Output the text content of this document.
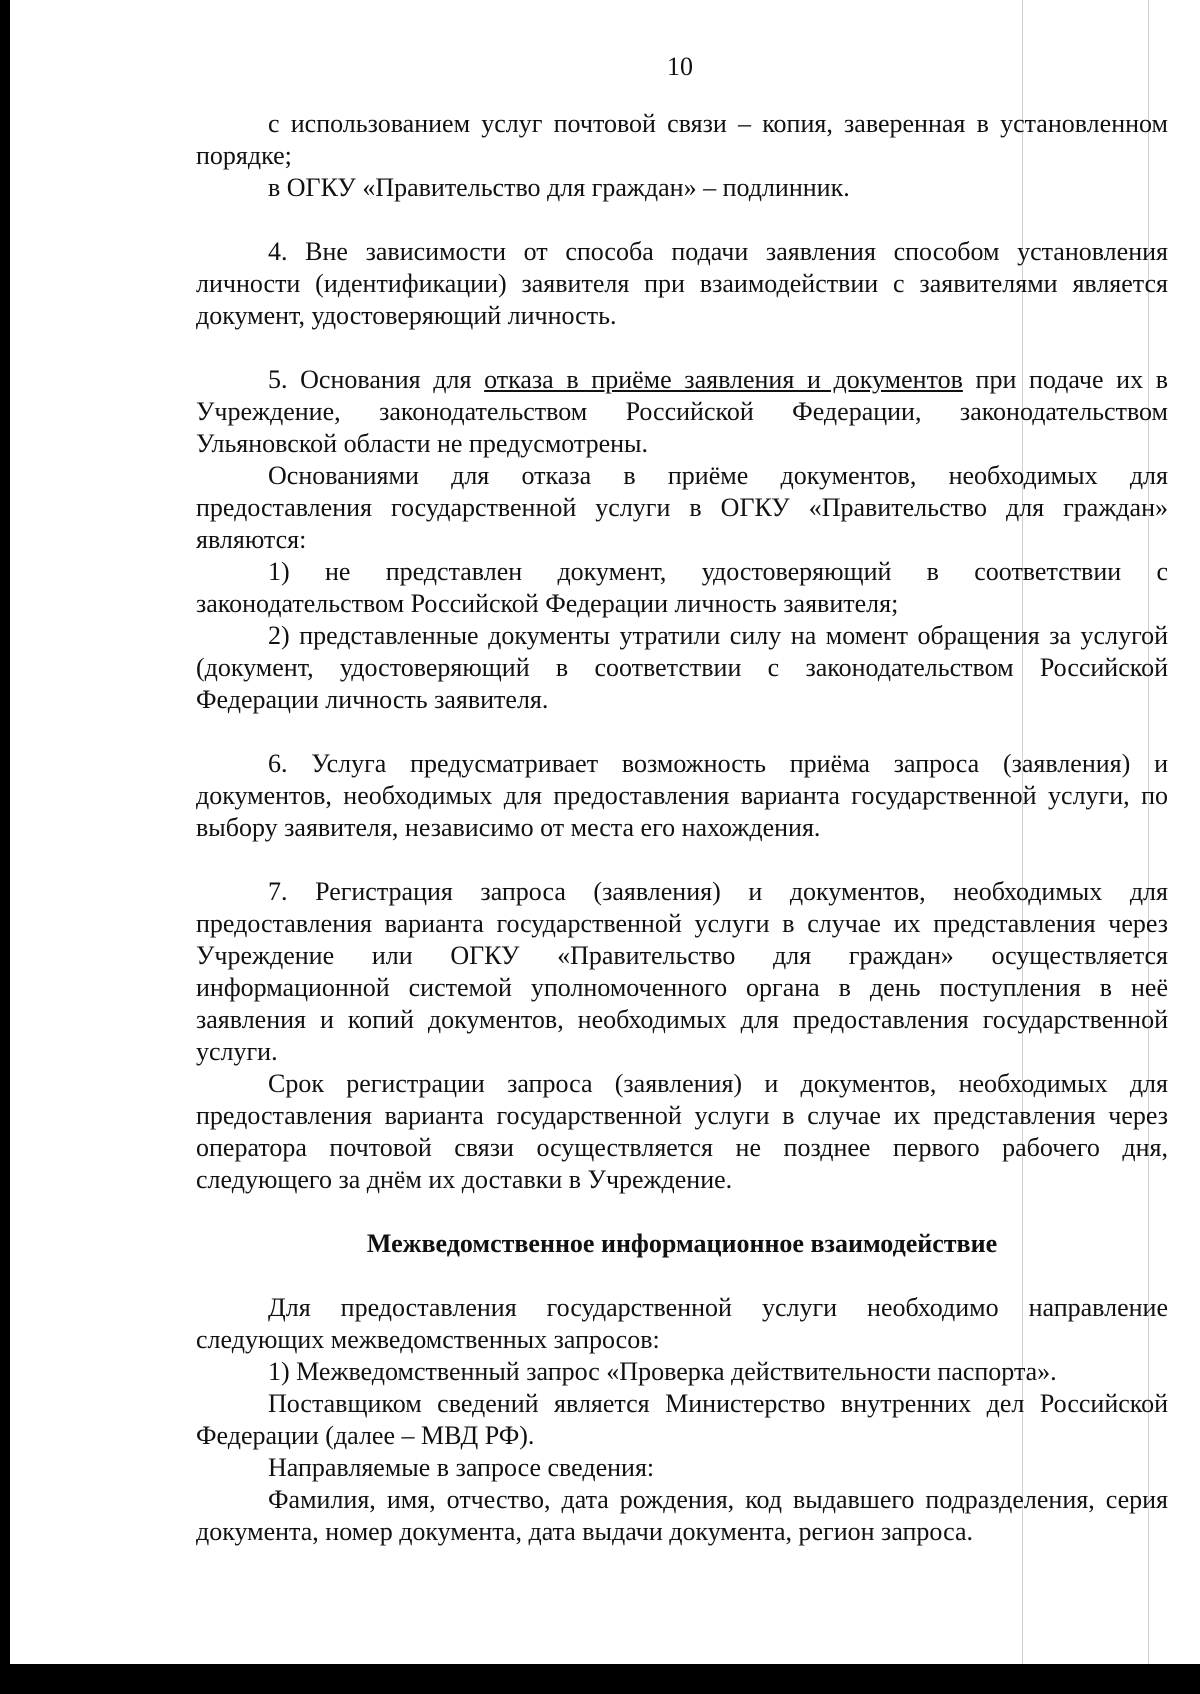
10

с использованием услуг почтовой связи – копия, заверенная в установленном порядке;

в ОГКУ «Правительство для граждан» – подлинник.

4. Вне зависимости от способа подачи заявления способом установления личности (идентификации) заявителя при взаимодействии с заявителями является документ, удостоверяющий личность.

5. Основания для отказа в приёме заявления и документов при подаче их в Учреждение, законодательством Российской Федерации, законодательством Ульяновской области не предусмотрены.

Основаниями для отказа в приёме документов, необходимых для предоставления государственной услуги в ОГКУ «Правительство для граждан» являются:

1) не представлен документ, удостоверяющий в соответствии с законодательством Российской Федерации личность заявителя;

2) представленные документы утратили силу на момент обращения за услугой (документ, удостоверяющий в соответствии с законодательством Российской Федерации личность заявителя.

6. Услуга предусматривает возможность приёма запроса (заявления) и документов, необходимых для предоставления варианта государственной услуги, по выбору заявителя, независимо от места его нахождения.

7. Регистрация запроса (заявления) и документов, необходимых для предоставления варианта государственной услуги в случае их представления через Учреждение или ОГКУ «Правительство для граждан» осуществляется информационной системой уполномоченного органа в день поступления в неё заявления и копий документов, необходимых для предоставления государственной услуги.

Срок регистрации запроса (заявления) и документов, необходимых для предоставления варианта государственной услуги в случае их представления через оператора почтовой связи осуществляется не позднее первого рабочего дня, следующего за днём их доставки в Учреждение.

Межведомственное информационное взаимодействие

Для предоставления государственной услуги необходимо направление следующих межведомственных запросов:

1) Межведомственный запрос «Проверка действительности паспорта».

Поставщиком сведений является Министерство внутренних дел Российской Федерации (далее – МВД РФ).

Направляемые в запросе сведения:

Фамилия, имя, отчество, дата рождения, код выдавшего подразделения, серия документа, номер документа, дата выдачи документа, регион запроса.
